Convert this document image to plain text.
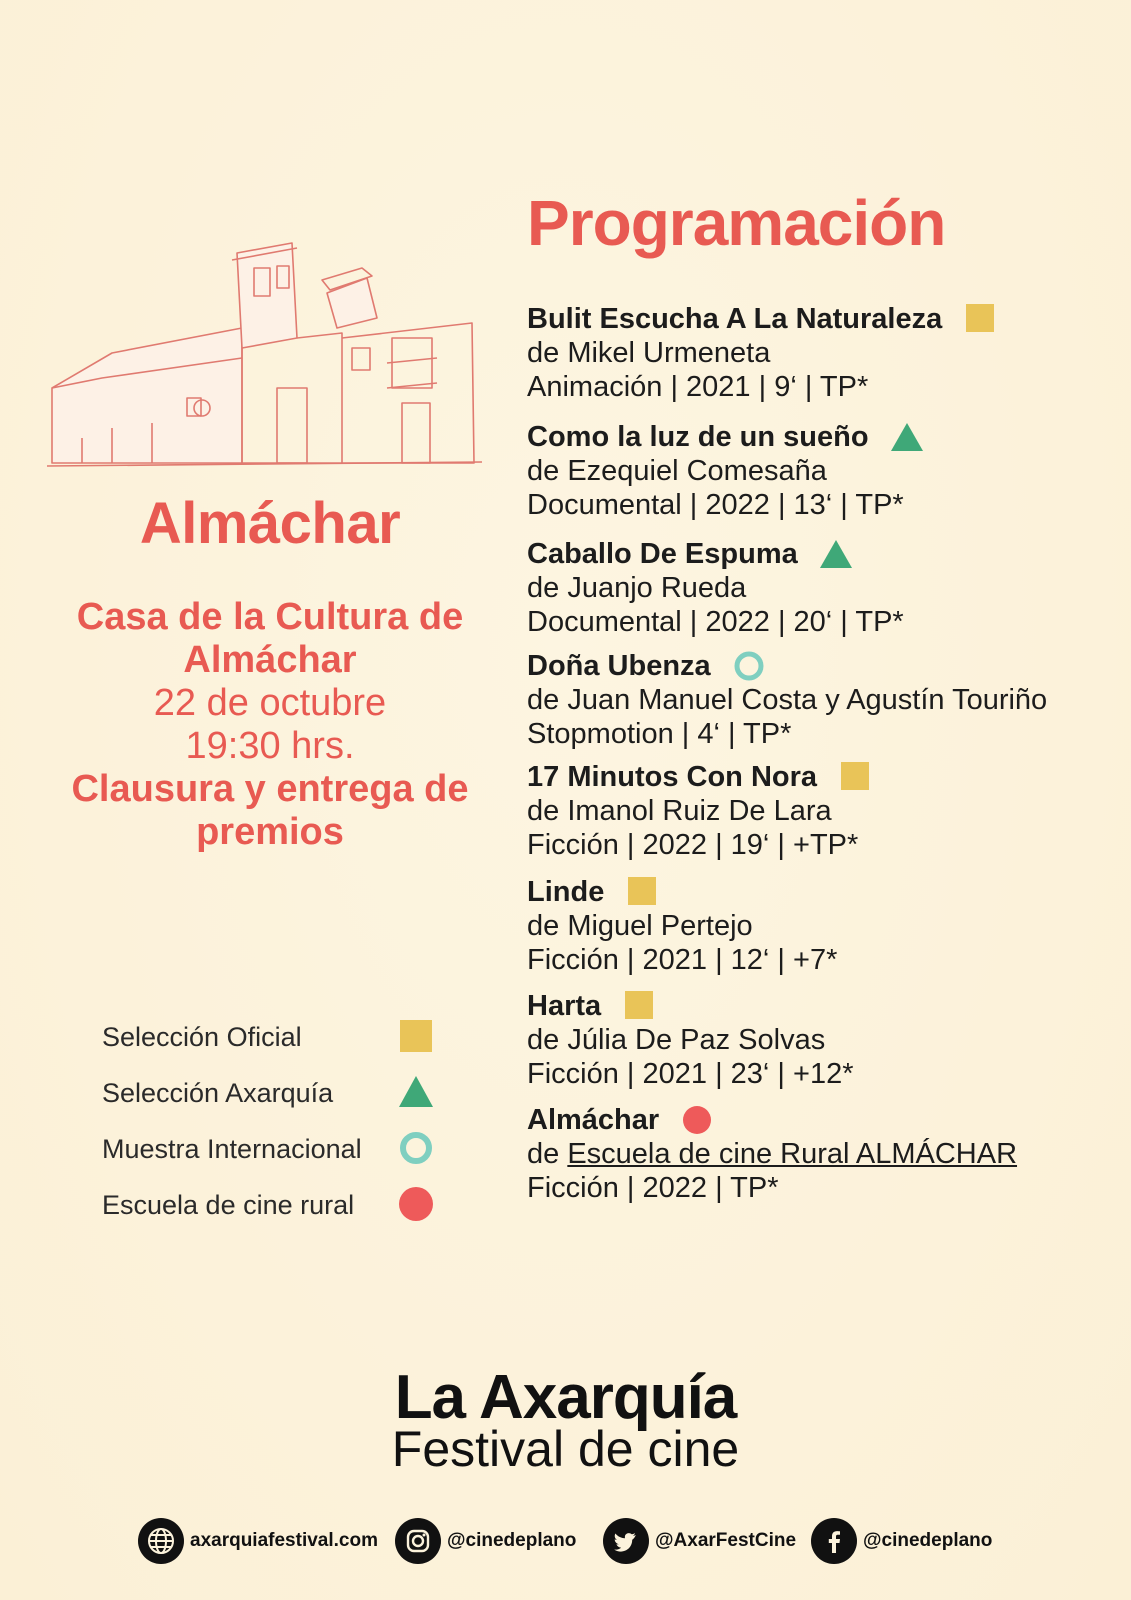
Almáchar
Casa de la Cultura de Almáchar
22 de octubre
19:30 hrs.
Clausura y entrega de premios
Selección Oficial
Selección Axarquía
Muestra Internacional
Escuela de cine rural
Programación
Bulit Escucha A La Naturaleza
de Mikel Urmeneta
Animación | 2021 | 9‘ | TP*
Como la luz de un sueño
de Ezequiel Comesaña
Documental | 2022 | 13‘ | TP*
Caballo De Espuma
de Juanjo Rueda
Documental | 2022 | 20‘ | TP*
Doña Ubenza
de Juan Manuel Costa y Agustín Touriño
Stopmotion | 4‘ | TP*
17 Minutos Con Nora
de Imanol Ruiz De Lara
Ficción | 2022 | 19‘ | +TP*
Linde
de Miguel Pertejo
Ficción | 2021 | 12‘ | +7*
Harta
de Júlia De Paz Solvas
Ficción | 2021 | 23‘ | +12*
Almáchar
de Escuela de cine Rural ALMÁCHAR
Ficción | 2022 | TP*
La Axarquía
Festival de cine
axarquiafestival.com	@cinedeplano	@AxarFestCine	@cinedeplano
